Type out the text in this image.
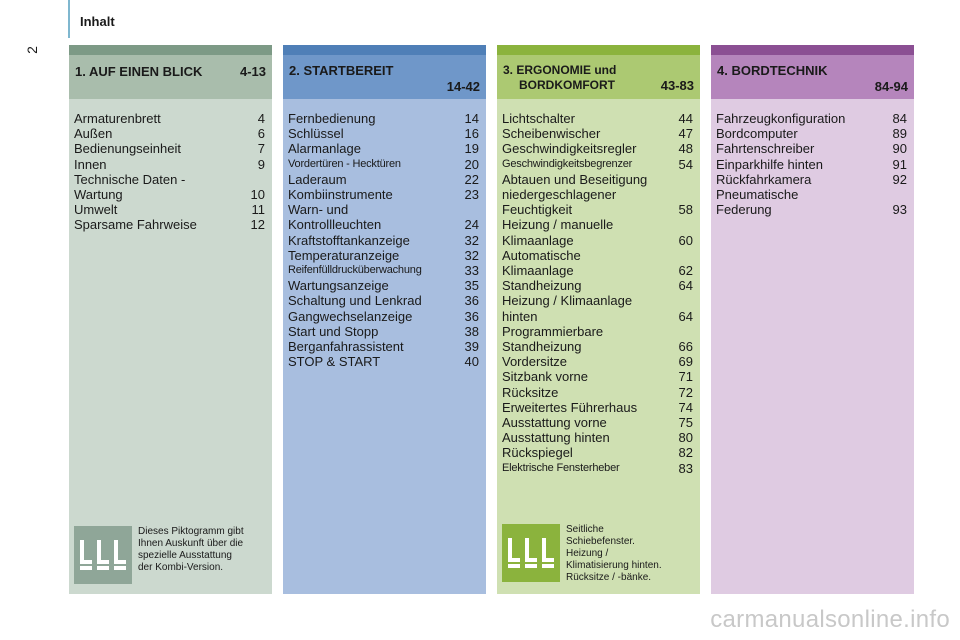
2
Inhalt
1. AUF EINEN BLICK	4-13
Armaturenbrett	4
Außen	6
Bedienungseinheit	7
Innen	9
Technische Daten -
Wartung	10
Umwelt	11
Sparsame Fahrweise	12
Dieses Piktogramm gibt
Ihnen Auskunft über die
spezielle Ausstattung
der Kombi-Version.
2. STARTBEREIT
14-42
Fernbedienung	14
Schlüssel	16
Alarmanlage	19
Vordertüren - Hecktüren	20
Laderaum	22
Kombiinstrumente	23
Warn- und
Kontrollleuchten	24
Kraftstofftankanzeige	32
Temperaturanzeige	32
Reifenfülldrucküberwachung	33
Wartungsanzeige	35
Schaltung und Lenkrad	36
Gangwechselanzeige	36
Start und Stopp	38
Berganfahrassistent	39
STOP & START	40
3. ERGONOMIE und
BORDKOMFORT	43-83
Lichtschalter	44
Scheibenwischer	47
Geschwindigkeitsregler	48
Geschwindigkeitsbegrenzer	54
Abtauen und Beseitigung
niedergeschlagener
Feuchtigkeit	58
Heizung / manuelle
Klimaanlage	60
Automatische
Klimaanlage	62
Standheizung	64
Heizung / Klimaanlage
hinten	64
Programmierbare
Standheizung	66
Vordersitze	69
Sitzbank vorne	71
Rücksitze	72
Erweitertes Führerhaus	74
Ausstattung vorne	75
Ausstattung hinten	80
Rückspiegel	82
Elektrische Fensterheber	83
Seitliche
Schiebefenster.
Heizung /
Klimatisierung hinten.
Rücksitze / -bänke.
4. BORDTECHNIK
84-94
Fahrzeugkonfiguration	84
Bordcomputer	89
Fahrtenschreiber	90
Einparkhilfe hinten	91
Rückfahrkamera	92
Pneumatische
Federung	93
carmanualsonline.info
